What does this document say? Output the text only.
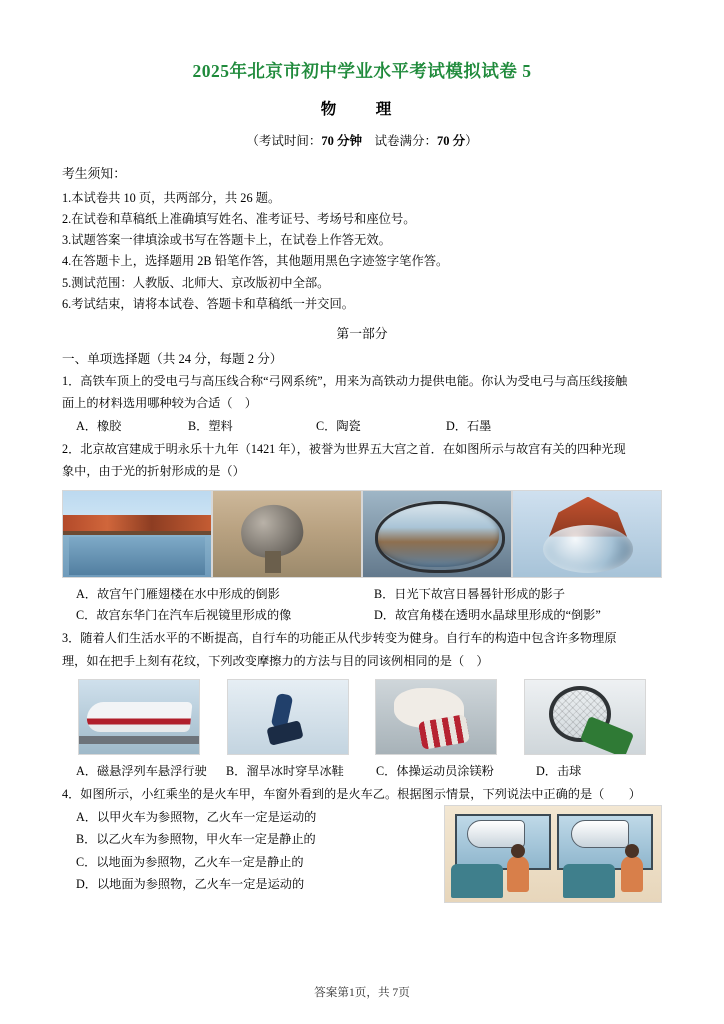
2025年北京市初中学业水平考试模拟试卷 5
物　理
（考试时间：70 分钟　试卷满分：70 分）
考生须知：
1.本试卷共 10 页，共两部分，共 26 题。
2.在试卷和草稿纸上准确填写姓名、准考证号、考场号和座位号。
3.试题答案一律填涂或书写在答题卡上，在试卷上作答无效。
4.在答题卡上，选择题用 2B 铅笔作答，其他题用黑色字迹签字笔作答。
5.测试范围：人教版、北师大、京改版初中全部。
6.考试结束，请将本试卷、答题卡和草稿纸一并交回。
第一部分
一、单项选择题（共 24 分，每题 2 分）
1．高铁车顶上的受电弓与高压线合称“弓网系统”，用来为高铁动力提供电能。你认为受电弓与高压线接触
面上的材料选用哪种较为合适（　）
A．橡胶	B．塑料	C．陶瓷	D．石墨
2．北京故宫建成于明永乐十九年（1421 年），被誉为世界五大宫之首．在如图所示与故宫有关的四种光现
象中，由于光的折射形成的是（）
A．故宫午门雁翅楼在水中形成的倒影	B．日光下故宫日晷晷针形成的影子
C．故宫东华门在汽车后视镜里形成的像	D．故宫角楼在透明水晶球里形成的“倒影”
3．随着人们生活水平的不断提高，自行车的功能正从代步转变为健身。自行车的构造中包含许多物理原
理，如在把手上刻有花纹，下列改变摩擦力的方法与目的同该例相同的是（　）
A．磁悬浮列车悬浮行驶	B．溜旱冰时穿旱冰鞋	C．体操运动员涂镁粉	D．击球
4．如图所示，小红乘坐的是火车甲，车窗外看到的是火车乙。根据图示情景，下列说法中正确的是（　　）
A．以甲火车为参照物，乙火车一定是运动的
B．以乙火车为参照物，甲火车一定是静止的
C．以地面为参照物，乙火车一定是静止的
D．以地面为参照物，乙火车一定是运动的
答案第1页，共 7页
